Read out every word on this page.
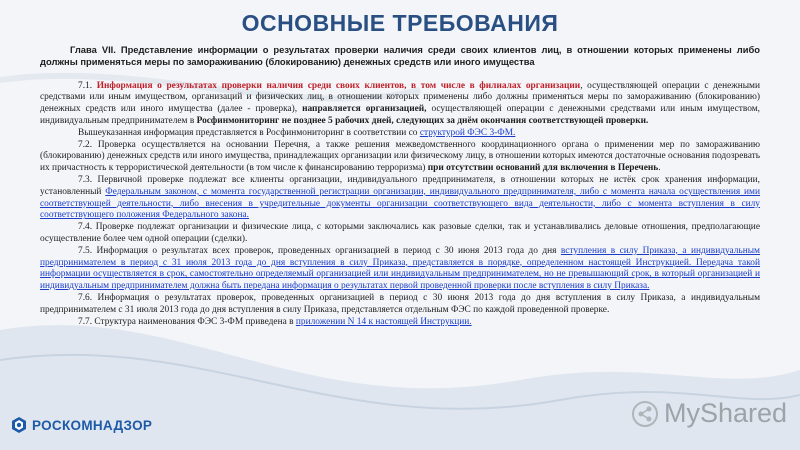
ОСНОВНЫЕ ТРЕБОВАНИЯ
Глава VII. Представление информации о результатах проверки наличия среди своих клиентов лиц, в отношении которых применены либо должны применяться меры по замораживанию (блокированию) денежных средств или иного имущества

7.1. Информация о результатах проверки наличия среди своих клиентов, в том числе в филиалах организации, осуществляющей операции с денежными средствами или иным имуществом, организаций и физических лиц, в отношении которых применены либо должны применяться меры по замораживанию (блокированию) денежных средств или иного имущества (далее - проверка), направляется организацией, осуществляющей операции с денежными средствами или иным имуществом, индивидуальным предпринимателем в Росфинмониторинг не позднее 5 рабочих дней, следующих за днём окончания соответствующей проверки.

Вышеуказанная информация представляется в Росфинмониторинг в соответствии со структурой ФЭС 3-ФМ.

7.2. Проверка осуществляется на основании Перечня, а также решения межведомственного координационного органа о применении мер по замораживанию (блокированию) денежных средств или иного имущества, принадлежащих организации или физическому лицу, в отношении которых имеются достаточные основания подозревать их причастность к террористической деятельности (в том числе к финансированию терроризма) при отсутствии оснований для включения в Перечень.

7.3. Первичной проверке подлежат все клиенты организации, индивидуального предпринимателя, в отношении которых не истёк срок хранения информации, установленный Федеральным законом, с момента государственной регистрации организации, индивидуального предпринимателя, либо с момента начала осуществления ими соответствующей деятельности, либо внесения в учредительные документы организации соответствующего вида деятельности, либо с момента вступления в силу соответствующего положения Федерального закона.

7.4. Проверке подлежат организации и физические лица, с которыми заключались как разовые сделки, так и устанавливались деловые отношения, предполагающие осуществление более чем одной операции (сделки).

7.5. Информация о результатах всех проверок, проведенных организацией в период с 30 июня 2013 года до дня вступления в силу Приказа, а индивидуальным предпринимателем в период с 31 июля 2013 года до дня вступления в силу Приказа, представляется в порядке, определенном настоящей Инструкцией. Передача такой информации осуществляется в срок, самостоятельно определяемый организацией или индивидуальным предпринимателем, но не превышающий срок, в который организацией и индивидуальным предпринимателем должна быть передана информация о результатах первой проведенной проверки после вступления в силу Приказа.

7.6. Информация о результатах проверок, проведенных организацией в период с 30 июня 2013 года до дня вступления в силу Приказа, а индивидуальным предпринимателем с 31 июля 2013 года до дня вступления в силу Приказа, представляется отдельным ФЭС по каждой проведенной проверке.

7.7. Структура наименования ФЭС 3-ФМ приведена в приложении N 14 к настоящей Инструкции.

РОСКОМНАДЗОР	MyShared
